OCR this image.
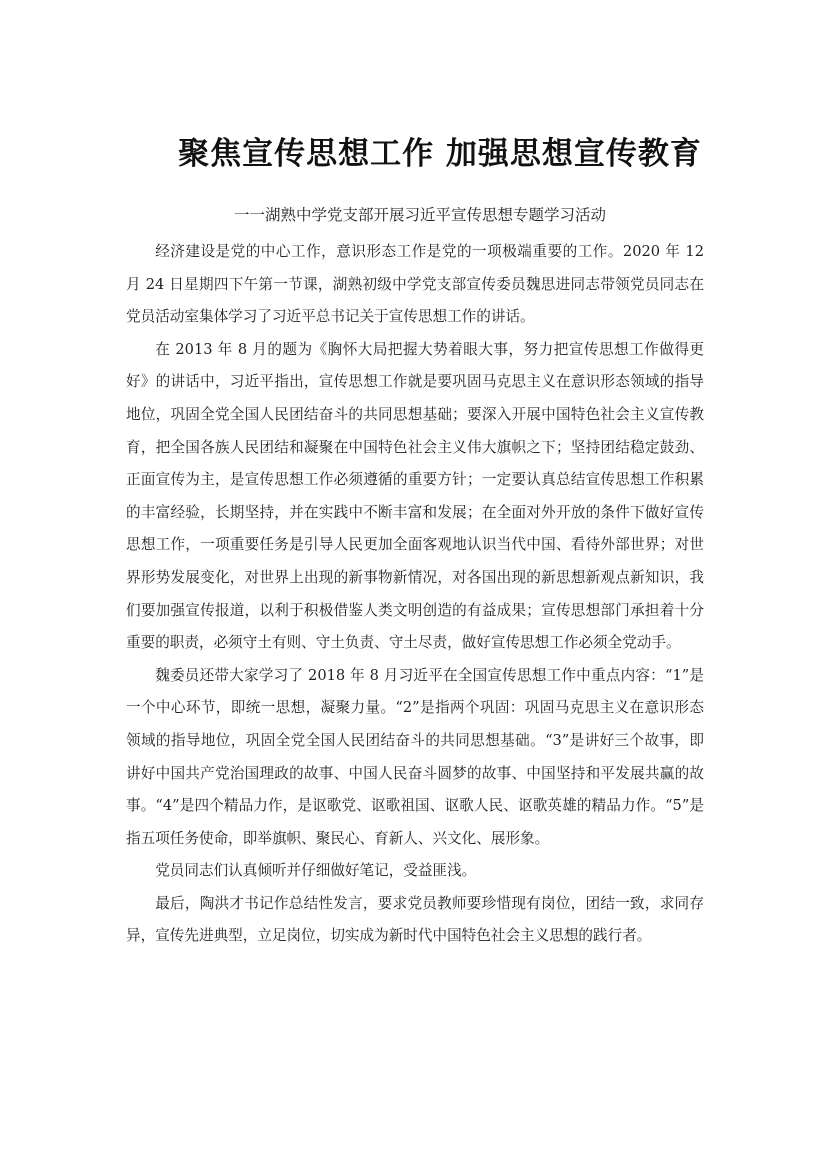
聚焦宣传思想工作 加强思想宣传教育
一一湖熟中学党支部开展习近平宣传思想专题学习活动

经济建设是党的中心工作，意识形态工作是党的一项极端重要的工作。2020 年 12 月 24 日星期四下午第一节课，湖熟初级中学党支部宣传委员魏思进同志带领党员同志在党员活动室集体学习了习近平总书记关于宣传思想工作的讲话。

在 2013 年 8 月的题为《胸怀大局把握大势着眼大事，努力把宣传思想工作做得更好》的讲话中，习近平指出，宣传思想工作就是要巩固马克思主义在意识形态领域的指导地位，巩固全党全国人民团结奋斗的共同思想基础；要深入开展中国特色社会主义宣传教育，把全国各族人民团结和凝聚在中国特色社会主义伟大旗帜之下；坚持团结稳定鼓劲、正面宣传为主，是宣传思想工作必须遵循的重要方针；一定要认真总结宣传思想工作积累的丰富经验，长期坚持，并在实践中不断丰富和发展；在全面对外开放的条件下做好宣传思想工作，一项重要任务是引导人民更加全面客观地认识当代中国、看待外部世界；对世界形势发展变化，对世界上出现的新事物新情况，对各国出现的新思想新观点新知识，我们要加强宣传报道，以利于积极借鉴人类文明创造的有益成果；宣传思想部门承担着十分重要的职责，必须守土有则、守土负责、守土尽责，做好宣传思想工作必须全党动手。

魏委员还带大家学习了 2018 年 8 月习近平在全国宣传思想工作中重点内容：“1”是一个中心环节，即统一思想，凝聚力量。“2”是指两个巩固：巩固马克思主义在意识形态领域的指导地位，巩固全党全国人民团结奋斗的共同思想基础。“3”是讲好三个故事，即讲好中国共产党治国理政的故事、中国人民奋斗圆梦的故事、中国坚持和平发展共赢的故事。“4”是四个精品力作，是讴歌党、讴歌祖国、讴歌人民、讴歌英雄的精品力作。“5”是指五项任务使命，即举旗帜、聚民心、育新人、兴文化、展形象。

党员同志们认真倾听并仔细做好笔记，受益匪浅。

最后，陶洪才书记作总结性发言，要求党员教师要珍惜现有岗位，团结一致，求同存异，宣传先进典型，立足岗位，切实成为新时代中国特色社会主义思想的践行者。
